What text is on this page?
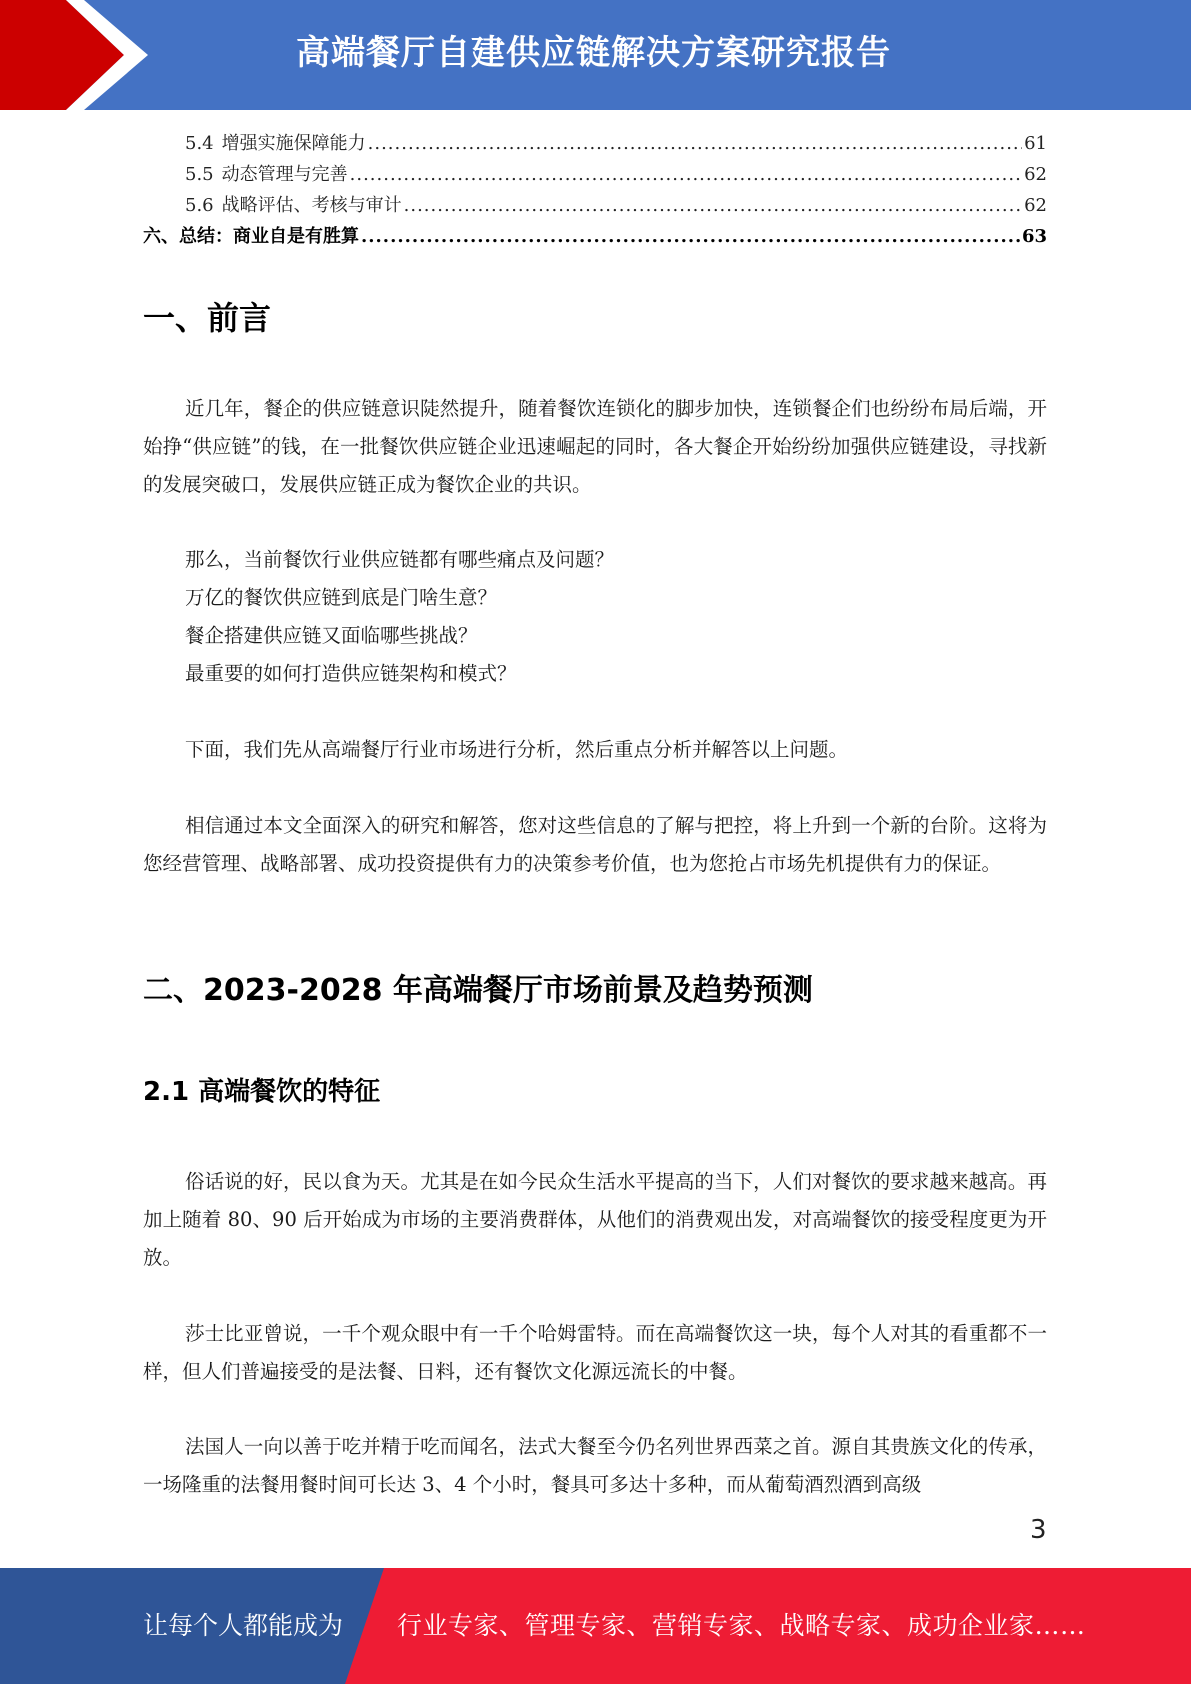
高端餐厅自建供应链解决方案研究报告
5.4 增强实施保障能力 .....	61
5.5 动态管理与完善 .....	62
5.6 战略评估、考核与审计 .....	62
六、 总结：商业自是有胜算 .....	63
一、前言

近几年，餐企的供应链意识陡然提升，随着餐饮连锁化的脚步加快，连锁餐企们也纷纷布局后端，开始挣“供应链”的钱，在一批餐饮供应链企业迅速崛起的同时，各大餐企开始纷纷加强供应链建设，寻找新的发展突破口，发展供应链正成为餐饮企业的共识。

那么，当前餐饮行业供应链都有哪些痛点及问题？
万亿的餐饮供应链到底是门啥生意？
餐企搭建供应链又面临哪些挑战？
最重要的如何打造供应链架构和模式？

下面，我们先从高端餐厅行业市场进行分析，然后重点分析并解答以上问题。

相信通过本文全面深入的研究和解答，您对这些信息的了解与把控，将上升到一个新的台阶。这将为您经营管理、战略部署、成功投资提供有力的决策参考价值，也为您抢占市场先机提供有力的保证。

二、2023-2028 年高端餐厅市场前景及趋势预测
2.1 高端餐饮的特征

俗话说的好，民以食为天。尤其是在如今民众生活水平提高的当下，人们对餐饮的要求越来越高。再加上随着 80、90 后开始成为市场的主要消费群体，从他们的消费观出发，对高端餐饮的接受程度更为开放。

莎士比亚曾说，一千个观众眼中有一千个哈姆雷特。而在高端餐饮这一块，每个人对其的看重都不一样，但人们普遍接受的是法餐、日料，还有餐饮文化源远流长的中餐。

法国人一向以善于吃并精于吃而闻名，法式大餐至今仍名列世界西菜之首。源自其贵族文化的传承，一场隆重的法餐用餐时间可长达 3、4 个小时，餐具可多达十多种，而从葡萄酒烈酒到高级

3
让每个人都能成为 行业专家、管理专家、营销专家、战略专家、成功企业家……
